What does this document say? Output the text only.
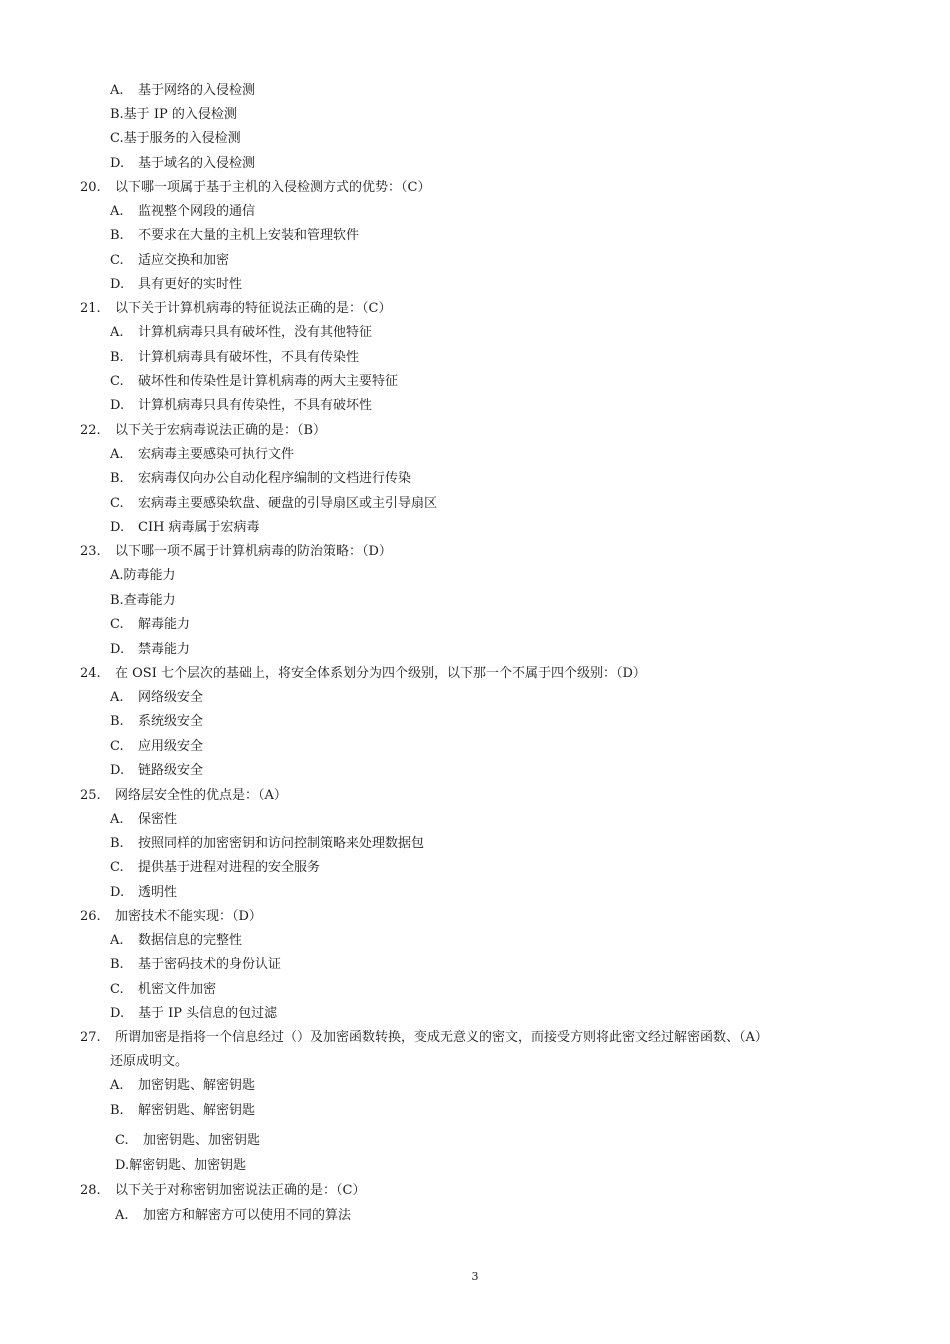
A. 基于网络的入侵检测
B.基于 IP 的入侵检测
C.基于服务的入侵检测
D. 基于域名的入侵检测
20. 以下哪一项属于基于主机的入侵检测方式的优势：（C）
A. 监视整个网段的通信
B. 不要求在大量的主机上安装和管理软件
C. 适应交换和加密
D. 具有更好的实时性
21. 以下关于计算机病毒的特征说法正确的是：（C）
A. 计算机病毒只具有破坏性，没有其他特征
B. 计算机病毒具有破坏性，不具有传染性
C. 破坏性和传染性是计算机病毒的两大主要特征
D. 计算机病毒只具有传染性，不具有破坏性
22. 以下关于宏病毒说法正确的是：（B）
A. 宏病毒主要感染可执行文件
B. 宏病毒仅向办公自动化程序编制的文档进行传染
C. 宏病毒主要感染软盘、硬盘的引导扇区或主引导扇区
D. CIH 病毒属于宏病毒
23. 以下哪一项不属于计算机病毒的防治策略：（D）
A.防毒能力
B.查毒能力
C. 解毒能力
D. 禁毒能力
24. 在 OSI 七个层次的基础上，将安全体系划分为四个级别，以下那一个不属于四个级别：（D）
A. 网络级安全
B. 系统级安全
C. 应用级安全
D. 链路级安全
25. 网络层安全性的优点是：（A）
A. 保密性
B. 按照同样的加密密钥和访问控制策略来处理数据包
C. 提供基于进程对进程的安全服务
D. 透明性
26. 加密技术不能实现：（D）
A. 数据信息的完整性
B. 基于密码技术的身份认证
C. 机密文件加密
D. 基于 IP 头信息的包过滤
27. 所谓加密是指将一个信息经过（）及加密函数转换，变成无意义的密文，而接受方则将此密文经过解密函数、（A）
还原成明文。
A. 加密钥匙、解密钥匙
B. 解密钥匙、解密钥匙
C. 加密钥匙、加密钥匙
D.解密钥匙、加密钥匙
28. 以下关于对称密钥加密说法正确的是：（C）
A. 加密方和解密方可以使用不同的算法
3
